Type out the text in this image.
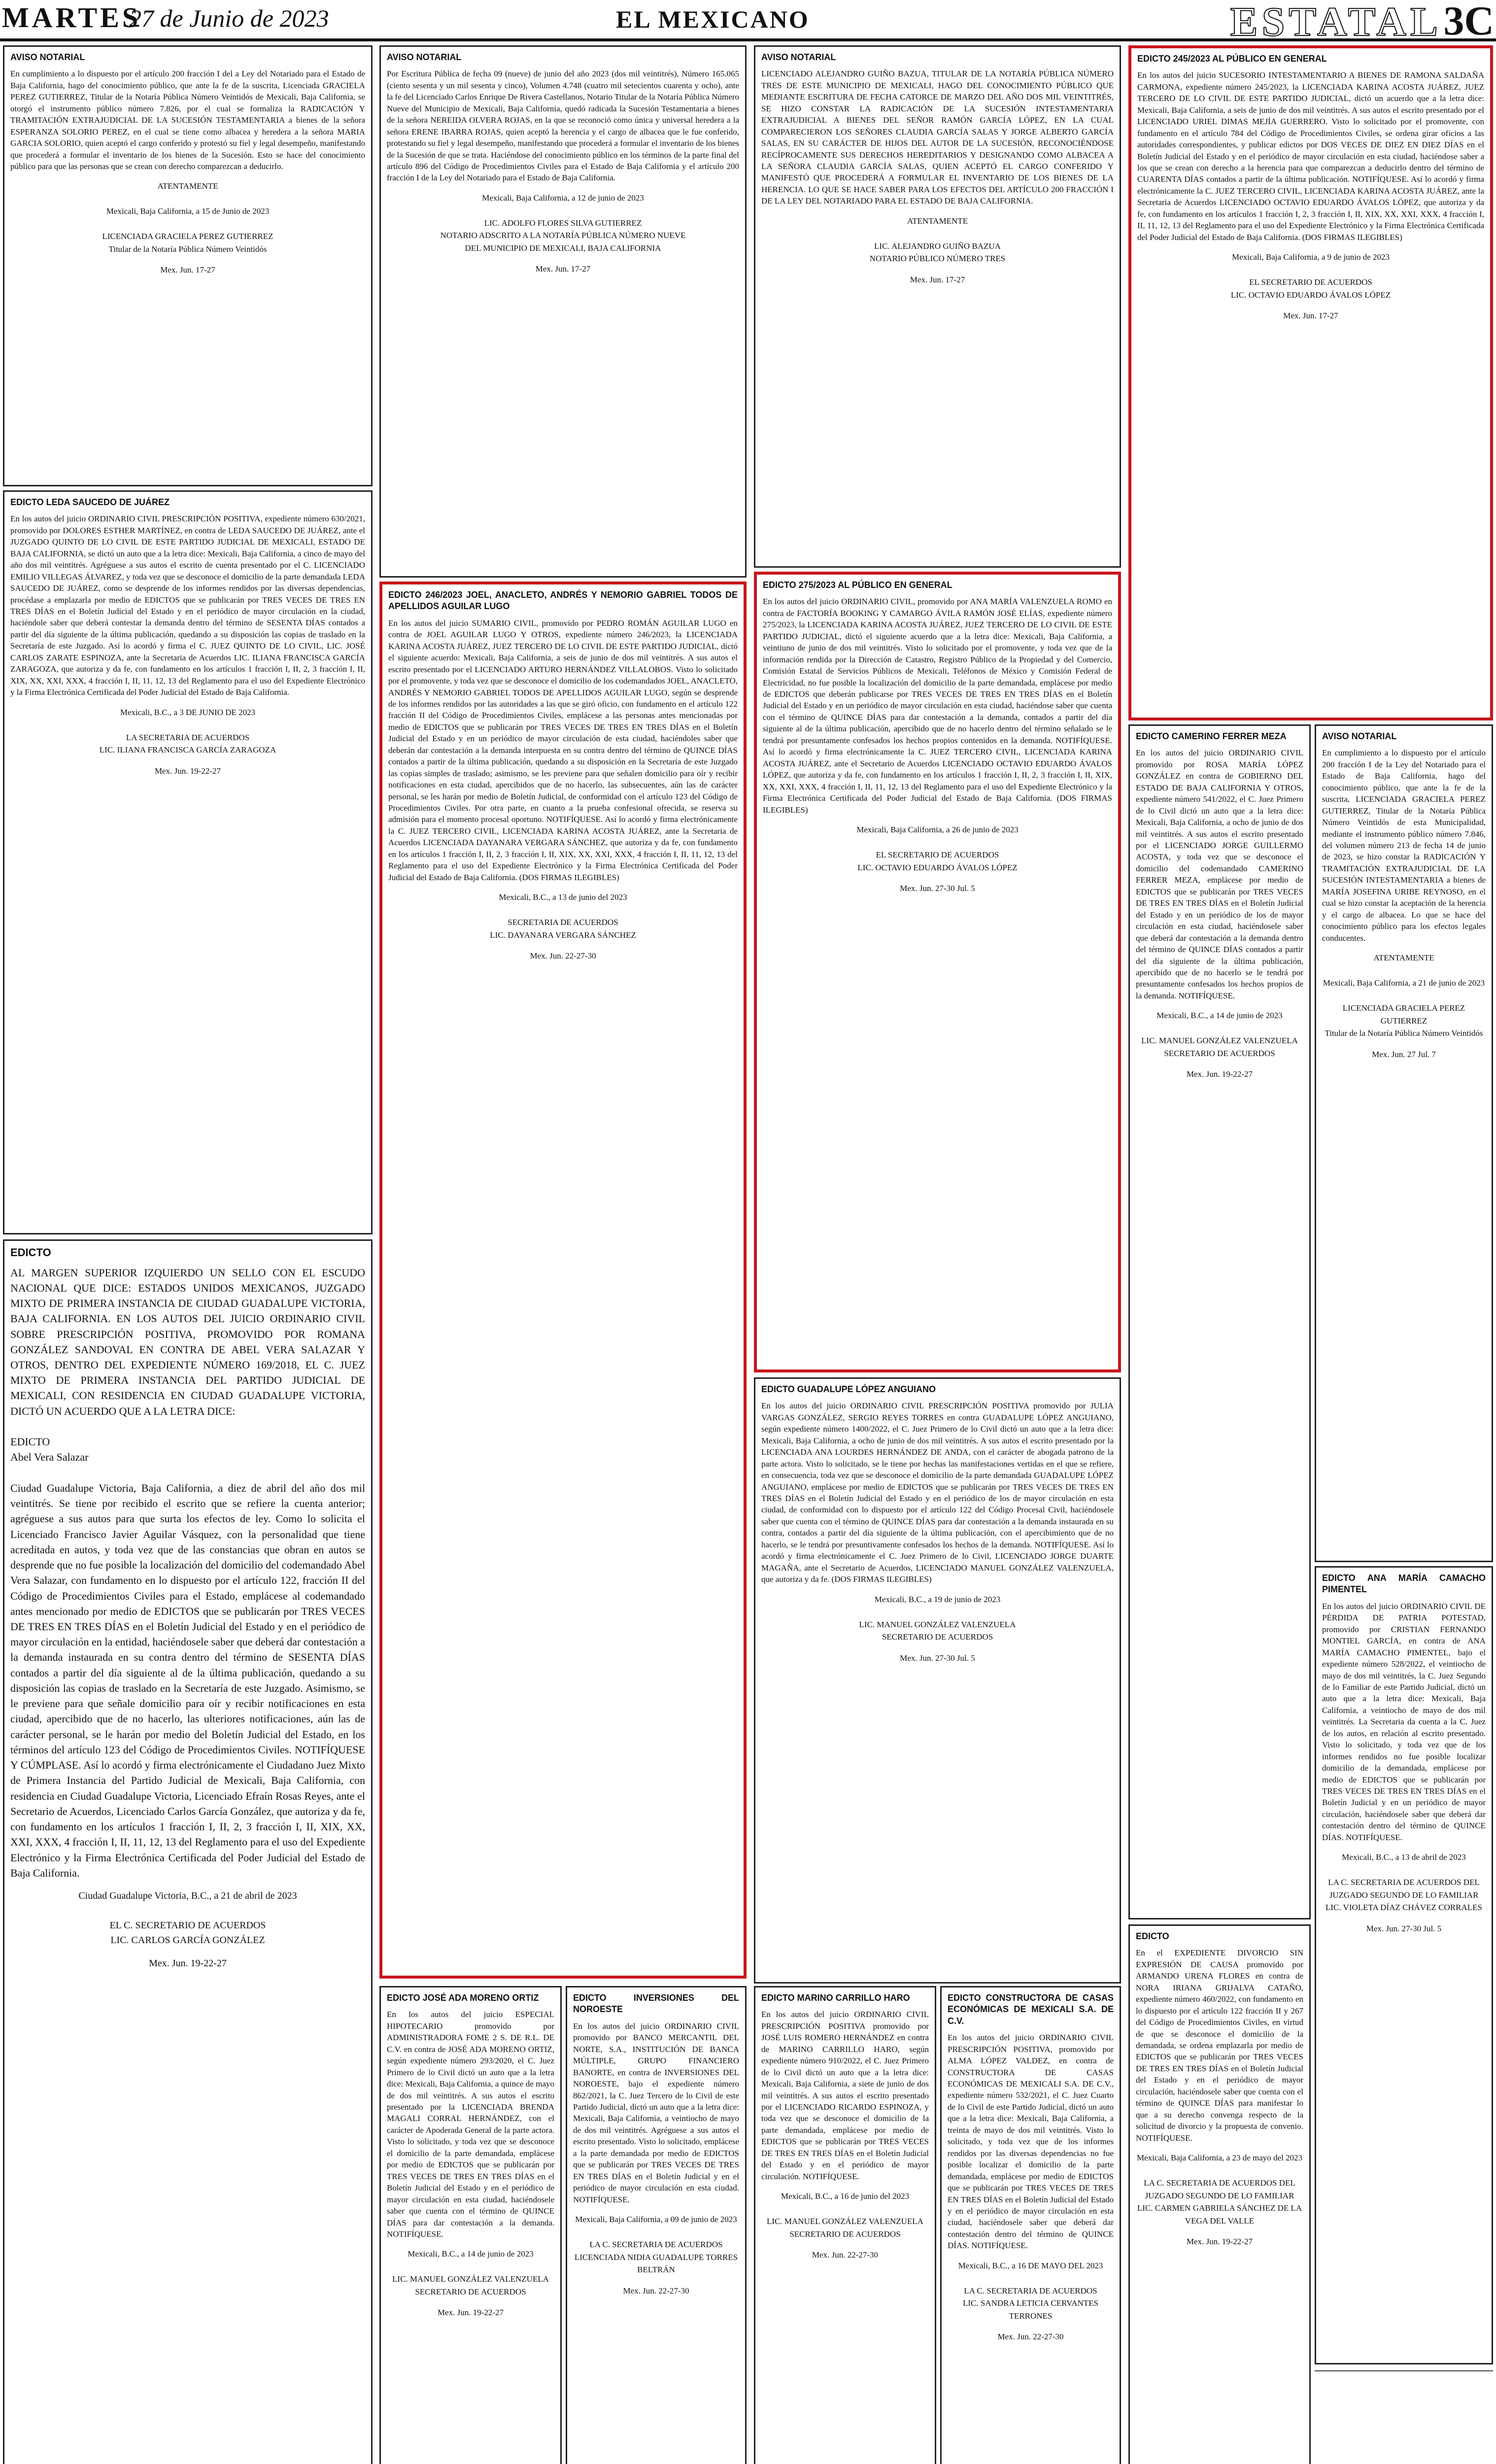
MARTES
27 de Junio de 2023	EL MEXICANO	ESTATAL 3C
AVISO NOTARIAL
En cumplimiento a lo dispuesto por el artículo 200 fracción I del a Ley del Notariado para el Estado de Baja California, hago del conocimiento público, que ante la fe de la suscrita, Licenciada GRACIELA PEREZ GUTIERREZ, Titular de la Notaría Pública Número Veintidós de Mexicali, Baja California, se otorgó el instrumento público número 7.826, por el cual se formaliza la RADICACIÓN Y TRAMITACIÓN EXTRAJUDICIAL DE LA SUCESIÓN TESTAMENTARIA a bienes de la señora ESPERANZA SOLORIO PEREZ, en el cual se tiene como albacea y heredera a la señora MARIA GARCIA SOLORIO, quien aceptó el cargo conferido y protestó su fiel y legal desempeño, manifestando que procederá a formular el inventario de los bienes de la Sucesión. Esto se hace del conocimiento público para que las personas que se crean con derecho comparezcan a deducirlo.
ATENTAMENTE

Mexicali, Baja California, a 15 de Junio de 2023

LICENCIADA GRACIELA PEREZ GUTIERREZ
Titular de la Notaría Pública Número Veintidós
Mex. Jun. 17-27
EDICTO LEDA SAUCEDO DE JUÁREZ
En los autos del juicio ORDINARIO CIVIL PRESCRIPCIÓN POSITIVA, expediente número 630/2021, promovido por DOLORES ESTHER MARTÍNEZ, en contra de LEDA SAUCEDO DE JUÁREZ, ante el JUZGADO QUINTO DE LO CIVIL DE ESTE PARTIDO JUDICIAL DE MEXICALI, ESTADO DE BAJA CALIFORNIA, se dictó un auto que a la letra dice: Mexicali, Baja California, a cinco de mayo del año dos mil veintitrés. Agréguese a sus autos el escrito de cuenta presentado por el C. LICENCIADO EMILIO VILLEGAS ÁLVAREZ, y toda vez que se desconoce el domicilio de la parte demandada LEDA SAUCEDO DE JUÁREZ, como se desprende de los informes rendidos por las diversas dependencias, procédase a emplazarla por medio de EDICTOS que se publicarán por TRES VECES DE TRES EN TRES DÍAS en el Boletín Judicial del Estado y en el periódico de mayor circulación en la ciudad, haciéndole saber que deberá contestar la demanda dentro del término de SESENTA DÍAS contados a partir del día siguiente de la última publicación, quedando a su disposición las copias de traslado en la Secretaría de este Juzgado. Así lo acordó y firma el C. JUEZ QUINTO DE LO CIVIL, LIC. JOSÉ CARLOS ZARATE ESPINOZA, ante la Secretaria de Acuerdos LIC. ILIANA FRANCISCA GARCÍA ZARAGOZA, que autoriza y da fe, con fundamento en los artículos 1 fracción I, II, 2, 3 fracción I, II, XIX, XX, XXI, XXX, 4 fracción I, II, 11, 12, 13 del Reglamento para el uso del Expediente Electrónico y la Firma Electrónica Certificada del Poder Judicial del Estado de Baja California.
Mexicali, B.C., a 3 DE JUNIO DE 2023

LA SECRETARIA DE ACUERDOS
LIC. ILIANA FRANCISCA GARCÍA ZARAGOZA
Mex. Jun. 19-22-27
EDICTO
AL MARGEN SUPERIOR IZQUIERDO UN SELLO CON EL ESCUDO NACIONAL QUE DICE: ESTADOS UNIDOS MEXICANOS, JUZGADO MIXTO DE PRIMERA INSTANCIA DE CIUDAD GUADALUPE VICTORIA, BAJA CALIFORNIA. EN LOS AUTOS DEL JUICIO ORDINARIO CIVIL SOBRE PRESCRIPCIÓN POSITIVA, PROMOVIDO POR ROMANA GONZÁLEZ SANDOVAL EN CONTRA DE ABEL VERA SALAZAR Y OTROS, DENTRO DEL EXPEDIENTE NÚMERO 169/2018, EL C. JUEZ MIXTO DE PRIMERA INSTANCIA DEL PARTIDO JUDICIAL DE MEXICALI, CON RESIDENCIA EN CIUDAD GUADALUPE VICTORIA, DICTÓ UN ACUERDO QUE A LA LETRA DICE:

EDICTO
Abel Vera Salazar

Ciudad Guadalupe Victoria, Baja California, a diez de abril del año dos mil veintitrés. Se tiene por recibido el escrito que se refiere la cuenta anterior; agréguese a sus autos para que surta los efectos de ley. Como lo solicita el Licenciado Francisco Javier Aguilar Vásquez, con la personalidad que tiene acreditada en autos, y toda vez que de las constancias que obran en autos se desprende que no fue posible la localización del domicilio del codemandado Abel Vera Salazar, con fundamento en lo dispuesto por el artículo 122, fracción II del Código de Procedimientos Civiles para el Estado, emplácese al codemandado antes mencionado por medio de EDICTOS que se publicarán por TRES VECES DE TRES EN TRES DÍAS en el Boletín Judicial del Estado y en el periódico de mayor circulación en la entidad, haciéndosele saber que deberá dar contestación a la demanda instaurada en su contra dentro del término de SESENTA DÍAS contados a partir del día siguiente al de la última publicación, quedando a su disposición las copias de traslado en la Secretaría de este Juzgado. Asimismo, se le previene para que señale domicilio para oír y recibir notificaciones en esta ciudad, apercibido que de no hacerlo, las ulteriores notificaciones, aún las de carácter personal, se le harán por medio del Boletín Judicial del Estado, en los términos del artículo 123 del Código de Procedimientos Civiles. NOTIFÍQUESE Y CÚMPLASE. Así lo acordó y firma electrónicamente el Ciudadano Juez Mixto de Primera Instancia del Partido Judicial de Mexicali, Baja California, con residencia en Ciudad Guadalupe Victoria, Licenciado Efraín Rosas Reyes, ante el Secretario de Acuerdos, Licenciado Carlos García González, que autoriza y da fe, con fundamento en los artículos 1 fracción I, II, 2, 3 fracción I, II, XIX, XX, XXI, XXX, 4 fracción I, II, 11, 12, 13 del Reglamento para el uso del Expediente Electrónico y la Firma Electrónica Certificada del Poder Judicial del Estado de Baja California.
Ciudad Guadalupe Victoria, B.C., a 21 de abril de 2023

EL C. SECRETARIO DE ACUERDOS
LIC. CARLOS GARCÍA GONZÁLEZ
Mex. Jun. 19-22-27
AVISO NOTARIAL
Por Escritura Pública de fecha 09 (nueve) de junio del año 2023 (dos mil veintitrés), Número 165.065 (ciento sesenta y un mil sesenta y cinco), Volumen 4.748 (cuatro mil setecientos cuarenta y ocho), ante la fe del Licenciado Carlos Enrique De Rivera Castellanos, Notario Titular de la Notaría Pública Número Nueve del Municipio de Mexicali, Baja California, quedó radicada la Sucesión Testamentaria a bienes de la señora NEREIDA OLVERA ROJAS, en la que se reconoció como única y universal heredera a la señora ERENE IBARRA ROJAS, quien aceptó la herencia y el cargo de albacea que le fue conferido, protestando su fiel y legal desempeño, manifestando que procederá a formular el inventario de los bienes de la Sucesión de que se trata. Haciéndose del conocimiento público en los términos de la parte final del artículo 896 del Código de Procedimientos Civiles para el Estado de Baja California y el artículo 200 fracción I de la Ley del Notariado para el Estado de Baja California.
Mexicali, Baja California, a 12 de junio de 2023

LIC. ADOLFO FLORES SILVA GUTIERREZ
NOTARIO ADSCRITO A LA NOTARÍA PÚBLICA NÚMERO NUEVE
DEL MUNICIPIO DE MEXICALI, BAJA CALIFORNIA
Mex. Jun. 17-27
EDICTO 246/2023 JOEL, ANACLETO, ANDRÉS Y NEMORIO GABRIEL TODOS DE APELLIDOS AGUILAR LUGO
En los autos del juicio SUMARIO CIVIL, promovido por PEDRO ROMÁN AGUILAR LUGO en contra de JOEL AGUILAR LUGO Y OTROS, expediente número 246/2023, la LICENCIADA KARINA ACOSTA JUÁREZ, JUEZ TERCERO DE LO CIVIL DE ESTE PARTIDO JUDICIAL, dictó el siguiente acuerdo: Mexicali, Baja California, a seis de junio de dos mil veintitrés. A sus autos el escrito presentado por el LICENCIADO ARTURO HERNÁNDEZ VILLALOBOS. Visto lo solicitado por el promovente, y toda vez que se desconoce el domicilio de los codemandados JOEL, ANACLETO, ANDRÉS Y NEMORIO GABRIEL TODOS DE APELLIDOS AGUILAR LUGO, según se desprende de los informes rendidos por las autoridades a las que se giró oficio, con fundamento en el artículo 122 fracción II del Código de Procedimientos Civiles, emplácese a las personas antes mencionadas por medio de EDICTOS que se publicarán por TRES VECES DE TRES EN TRES DÍAS en el Boletín Judicial del Estado y en un periódico de mayor circulación de esta ciudad, haciéndoles saber que deberán dar contestación a la demanda interpuesta en su contra dentro del término de QUINCE DÍAS contados a partir de la última publicación, quedando a su disposición en la Secretaría de este Juzgado las copias simples de traslado; asimismo, se les previene para que señalen domicilio para oír y recibir notificaciones en esta ciudad, apercibidos que de no hacerlo, las subsecuentes, aún las de carácter personal, se les harán por medio de Boletín Judicial, de conformidad con el artículo 123 del Código de Procedimientos Civiles. Por otra parte, en cuanto a la prueba confesional ofrecida, se reserva su admisión para el momento procesal oportuno. NOTIFÍQUESE. Así lo acordó y firma electrónicamente la C. JUEZ TERCERO CIVIL, LICENCIADA KARINA ACOSTA JUÁREZ, ante la Secretaria de Acuerdos LICENCIADA DAYANARA VERGARA SÁNCHEZ, que autoriza y da fe, con fundamento en los artículos 1 fracción I, II, 2, 3 fracción I, II, XIX, XX, XXI, XXX, 4 fracción I, II, 11, 12, 13 del Reglamento para el uso del Expediente Electrónico y la Firma Electrónica Certificada del Poder Judicial del Estado de Baja California. (DOS FIRMAS ILEGIBLES)
Mexicali, B.C., a 13 de junio del 2023

SECRETARIA DE ACUERDOS
LIC. DAYANARA VERGARA SÁNCHEZ
Mex. Jun. 22-27-30
EDICTO JOSÉ ADA MORENO ORTIZ
En los autos del juicio ESPECIAL HIPOTECARIO promovido por ADMINISTRADORA FOME 2 S. DE R.L. DE C.V. en contra de JOSÉ ADA MORENO ORTIZ, según expediente número 293/2020, el C. Juez Primero de lo Civil dictó un auto que a la letra dice: Mexicali, Baja California, a quince de mayo de dos mil veintitrés. A sus autos el escrito presentado por la LICENCIADA BRENDA MAGALI CORRAL HERNÁNDEZ, con el carácter de Apoderada General de la parte actora. Visto lo solicitado, y toda vez que se desconoce el domicilio de la parte demandada, emplácese por medio de EDICTOS que se publicarán por TRES VECES DE TRES EN TRES DÍAS en el Boletín Judicial del Estado y en el periódico de mayor circulación en esta ciudad, haciéndosele saber que cuenta con el término de QUINCE DÍAS para dar contestación a la demanda. NOTIFÍQUESE.
Mexicali, B.C., a 14 de junio de 2023

LIC. MANUEL GONZÁLEZ VALENZUELA
SECRETARIO DE ACUERDOS
Mex. Jun. 19-22-27
EDICTO INVERSIONES DEL NOROESTE
En los autos del juicio ORDINARIO CIVIL promovido por BANCO MERCANTIL DEL NORTE, S.A., INSTITUCIÓN DE BANCA MÚLTIPLE, GRUPO FINANCIERO BANORTE, en contra de INVERSIONES DEL NOROESTE, bajo el expediente número 862/2021, la C. Juez Tercero de lo Civil de este Partido Judicial, dictó un auto que a la letra dice: Mexicali, Baja California, a veintiocho de mayo de dos mil veintitrés. Agréguese a sus autos el escrito presentado. Visto lo solicitado, emplácese a la parte demandada por medio de EDICTOS que se publicarán por TRES VECES DE TRES EN TRES DÍAS en el Boletín Judicial y en el periódico de mayor circulación en esta ciudad. NOTIFÍQUESE.
Mexicali, Baja California, a 09 de junio de 2023

LA C. SECRETARIA DE ACUERDOS
LICENCIADA NIDIA GUADALUPE TORRES BELTRÁN
Mex. Jun. 22-27-30
AVISO NOTARIAL
LICENCIADO ALEJANDRO GUIÑO BAZUA, TITULAR DE LA NOTARÍA PÚBLICA NÚMERO TRES DE ESTE MUNICIPIO DE MEXICALI, HAGO DEL CONOCIMIENTO PÚBLICO QUE MEDIANTE ESCRITURA DE FECHA CATORCE DE MARZO DEL AÑO DOS MIL VEINTITRÉS, SE HIZO CONSTAR LA RADICACIÓN DE LA SUCESIÓN INTESTAMENTARIA EXTRAJUDICIAL A BIENES DEL SEÑOR RAMÓN GARCÍA LÓPEZ, EN LA CUAL COMPARECIERON LOS SEÑORES CLAUDIA GARCÍA SALAS Y JORGE ALBERTO GARCÍA SALAS, EN SU CARÁCTER DE HIJOS DEL AUTOR DE LA SUCESIÓN, RECONOCIÉNDOSE RECÍPROCAMENTE SUS DERECHOS HEREDITARIOS Y DESIGNANDO COMO ALBACEA A LA SEÑORA CLAUDIA GARCÍA SALAS, QUIEN ACEPTÓ EL CARGO CONFERIDO Y MANIFESTÓ QUE PROCEDERÁ A FORMULAR EL INVENTARIO DE LOS BIENES DE LA HERENCIA. LO QUE SE HACE SABER PARA LOS EFECTOS DEL ARTÍCULO 200 FRACCIÓN I DE LA LEY DEL NOTARIADO PARA EL ESTADO DE BAJA CALIFORNIA.
ATENTAMENTE

LIC. ALEJANDRO GUIÑO BAZUA
NOTARIO PÚBLICO NÚMERO TRES
Mex. Jun. 17-27
EDICTO 275/2023 AL PÚBLICO EN GENERAL
En los autos del juicio ORDINARIO CIVIL, promovido por ANA MARÍA VALENZUELA ROMO en contra de FACTORÍA BOOKING Y CAMARGO ÁVILA RAMÓN JOSÉ ELÍAS, expediente número 275/2023, la LICENCIADA KARINA ACOSTA JUÁREZ, JUEZ TERCERO DE LO CIVIL DE ESTE PARTIDO JUDICIAL, dictó el siguiente acuerdo que a la letra dice: Mexicali, Baja California, a veintiuno de junio de dos mil veintitrés. Visto lo solicitado por el promovente, y toda vez que de la información rendida por la Dirección de Catastro, Registro Público de la Propiedad y del Comercio, Comisión Estatal de Servicios Públicos de Mexicali, Teléfonos de México y Comisión Federal de Electricidad, no fue posible la localización del domicilio de la parte demandada, emplácese por medio de EDICTOS que deberán publicarse por TRES VECES DE TRES EN TRES DÍAS en el Boletín Judicial del Estado y en un periódico de mayor circulación en esta ciudad, haciéndose saber que cuenta con el término de QUINCE DÍAS para dar contestación a la demanda, contados a partir del día siguiente al de la última publicación, apercibido que de no hacerlo dentro del término señalado se le tendrá por presuntamente confesados los hechos propios contenidos en la demanda. NOTIFÍQUESE. Así lo acordó y firma electrónicamente la C. JUEZ TERCERO CIVIL, LICENCIADA KARINA ACOSTA JUÁREZ, ante el Secretario de Acuerdos LICENCIADO OCTAVIO EDUARDO ÁVALOS LÓPEZ, que autoriza y da fe, con fundamento en los artículos 1 fracción I, II, 2, 3 fracción I, II, XIX, XX, XXI, XXX, 4 fracción I, II, 11, 12, 13 del Reglamento para el uso del Expediente Electrónico y la Firma Electrónica Certificada del Poder Judicial del Estado de Baja California. (DOS FIRMAS ILEGIBLES)
Mexicali, Baja California, a 26 de junio de 2023

EL SECRETARIO DE ACUERDOS
LIC. OCTAVIO EDUARDO ÁVALOS LÓPEZ
Mex. Jun. 27-30 Jul. 5
EDICTO GUADALUPE LÓPEZ ANGUIANO
En los autos del juicio ORDINARIO CIVIL PRESCRIPCIÓN POSITIVA promovido por JULIA VARGAS GONZÁLEZ, SERGIO REYES TORRES en contra GUADALUPE LÓPEZ ANGUIANO, según expediente número 1400/2022, el C. Juez Primero de lo Civil dictó un auto que a la letra dice: Mexicali, Baja California, a ocho de junio de dos mil veintitrés. A sus autos el escrito presentado por la LICENCIADA ANA LOURDES HERNÁNDEZ DE ANDA, con el carácter de abogada patrono de la parte actora. Visto lo solicitado, se le tiene por hechas las manifestaciones vertidas en el que se refiere, en consecuencia, toda vez que se desconoce el domicilio de la parte demandada GUADALUPE LÓPEZ ANGUIANO, emplácese por medio de EDICTOS que se publicarán por TRES VECES DE TRES EN TRES DÍAS en el Boletín Judicial del Estado y en el periódico de los de mayor circulación en esta ciudad, de conformidad con lo dispuesto por el artículo 122 del Código Procesal Civil, haciéndosele saber que cuenta con el término de QUINCE DÍAS para dar contestación a la demanda instaurada en su contra, contados a partir del día siguiente de la última publicación, con el apercibimiento que de no hacerlo, se le tendrá por presuntivamente confesados los hechos de la demanda. NOTIFÍQUESE. Así lo acordó y firma electrónicamente el C. Juez Primero de lo Civil, LICENCIADO JORGE DUARTE MAGAÑA, ante el Secretario de Acuerdos, LICENCIADO MANUEL GONZÁLEZ VALENZUELA, que autoriza y da fe. (DOS FIRMAS ILEGIBLES)
Mexicali, B.C., a 19 de junio de 2023

LIC. MANUEL GONZÁLEZ VALENZUELA
SECRETARIO DE ACUERDOS
Mex. Jun. 27-30 Jul. 5
EDICTO MARINO CARRILLO HARO
En los autos del juicio ORDINARIO CIVIL PRESCRIPCIÓN POSITIVA promovido por JOSÉ LUIS ROMERO HERNÁNDEZ en contra de MARINO CARRILLO HARO, según expediente número 910/2022, el C. Juez Primero de lo Civil dictó un auto que a la letra dice: Mexicali, Baja California, a siete de junio de dos mil veintitrés. A sus autos el escrito presentado por el LICENCIADO RICARDO ESPINOZA, y toda vez que se desconoce el domicilio de la parte demandada, emplácese por medio de EDICTOS que se publicarán por TRES VECES DE TRES EN TRES DÍAS en el Boletín Judicial del Estado y en el periódico de mayor circulación. NOTIFÍQUESE.
Mexicali, B.C., a 16 de junio del 2023

LIC. MANUEL GONZÁLEZ VALENZUELA
SECRETARIO DE ACUERDOS
Mex. Jun. 22-27-30
EDICTO CONSTRUCTORA DE CASAS ECONÓMICAS DE MEXICALI S.A. DE C.V.
En los autos del juicio ORDINARIO CIVIL PRESCRIPCIÓN POSITIVA, promovido por ALMA LÓPEZ VALDEZ, en contra de CONSTRUCTORA DE CASAS ECONÓMICAS DE MEXICALI S.A. DE C.V., expediente número 532/2021, el C. Juez Cuarto de lo Civil de este Partido Judicial, dictó un auto que a la letra dice: Mexicali, Baja California, a treinta de mayo de dos mil veintitrés. Visto lo solicitado, y toda vez que de los informes rendidos por las diversas dependencias no fue posible localizar el domicilio de la parte demandada, emplácese por medio de EDICTOS que se publicarán por TRES VECES DE TRES EN TRES DÍAS en el Boletín Judicial del Estado y en el periódico de mayor circulación en esta ciudad, haciéndosele saber que deberá dar contestación dentro del término de QUINCE DÍAS. NOTIFÍQUESE.
Mexicali, B.C., a 16 DE MAYO DEL 2023

LA C. SECRETARIA DE ACUERDOS
LIC. SANDRA LETICIA CERVANTES TERRONES
Mex. Jun. 22-27-30
EDICTO 245/2023 AL PÚBLICO EN GENERAL
En los autos del juicio SUCESORIO INTESTAMENTARIO A BIENES DE RAMONA SALDAÑA CARMONA, expediente número 245/2023, la LICENCIADA KARINA ACOSTA JUÁREZ, JUEZ TERCERO DE LO CIVIL DE ESTE PARTIDO JUDICIAL, dictó un acuerdo que a la letra dice: Mexicali, Baja California, a seis de junio de dos mil veintitrés. A sus autos el escrito presentado por el LICENCIADO URIEL DIMAS MEJÍA GUERRERO. Visto lo solicitado por el promovente, con fundamento en el artículo 784 del Código de Procedimientos Civiles, se ordena girar oficios a las autoridades correspondientes, y publicar edictos por DOS VECES DE DIEZ EN DIEZ DÍAS en el Boletín Judicial del Estado y en el periódico de mayor circulación en esta ciudad, haciéndose saber a los que se crean con derecho a la herencia para que comparezcan a deducirlo dentro del término de CUARENTA DÍAS contados a partir de la última publicación. NOTIFÍQUESE. Así lo acordó y firma electrónicamente la C. JUEZ TERCERO CIVIL, LICENCIADA KARINA ACOSTA JUÁREZ, ante la Secretaria de Acuerdos LICENCIADO OCTAVIO EDUARDO ÁVALOS LÓPEZ, que autoriza y da fe, con fundamento en los artículos 1 fracción I, 2, 3 fracción I, II, XIX, XX, XXI, XXX, 4 fracción I, II, 11, 12, 13 del Reglamento para el uso del Expediente Electrónico y la Firma Electrónica Certificada del Poder Judicial del Estado de Baja California. (DOS FIRMAS ILEGIBLES)
Mexicali, Baja California, a 9 de junio de 2023

EL SECRETARIO DE ACUERDOS
LIC. OCTAVIO EDUARDO ÁVALOS LÓPEZ
Mex. Jun. 17-27
EDICTO CAMERINO FERRER MEZA
En los autos del juicio ORDINARIO CIVIL promovido por ROSA MARÍA LÓPEZ GONZÁLEZ en contra de GOBIERNO DEL ESTADO DE BAJA CALIFORNIA Y OTROS, expediente número 541/2022, el C. Juez Primero de lo Civil dictó un auto que a la letra dice: Mexicali, Baja California, a ocho de junio de dos mil veintitrés. A sus autos el escrito presentado por el LICENCIADO JORGE GUILLERMO ACOSTA, y toda vez que se desconoce el domicilio del codemandado CAMERINO FERRER MEZA, emplácese por medio de EDICTOS que se publicarán por TRES VECES DE TRES EN TRES DÍAS en el Boletín Judicial del Estado y en un periódico de los de mayor circulación en esta ciudad, haciéndosele saber que deberá dar contestación a la demanda dentro del término de QUINCE DÍAS contados a partir del día siguiente de la última publicación, apercibido que de no hacerlo se le tendrá por presuntamente confesados los hechos propios de la demanda. NOTIFÍQUESE.
Mexicali, B.C., a 14 de junio de 2023

LIC. MANUEL GONZÁLEZ VALENZUELA
SECRETARIO DE ACUERDOS
Mex. Jun. 19-22-27
AVISO NOTARIAL
En cumplimiento a lo dispuesto por el artículo 200 fracción I de la Ley del Notariado para el Estado de Baja California, hago del conocimiento público, que ante la fe de la suscrita, LICENCIADA GRACIELA PEREZ GUTIERREZ, Titular de la Notaría Pública Número Veintidós de esta Municipalidad, mediante el instrumento público número 7.846, del volumen número 213 de fecha 14 de junio de 2023, se hizo constar la RADICACIÓN Y TRAMITACIÓN EXTRAJUDICIAL DE LA SUCESIÓN INTESTAMENTARIA a bienes de MARÍA JOSEFINA URIBE REYNOSO, en el cual se hizo constar la aceptación de la herencia y el cargo de albacea. Lo que se hace del conocimiento público para los efectos legales conducentes.
ATENTAMENTE

Mexicali, Baja California, a 21 de junio de 2023

LICENCIADA GRACIELA PEREZ GUTIERREZ
Titular de la Notaría Pública Número Veintidós
Mex. Jun. 27 Jul. 7
EDICTO ANA MARÍA CAMACHO PIMENTEL
En los autos del juicio ORDINARIO CIVIL DE PÉRDIDA DE PATRIA POTESTAD, promovido por CRISTIAN FERNANDO MONTIEL GARCÍA, en contra de ANA MARÍA CAMACHO PIMENTEL, bajo el expediente número 528/2022, el veintiocho de mayo de dos mil veintitrés, la C. Juez Segundo de lo Familiar de este Partido Judicial, dictó un auto que a la letra dice: Mexicali, Baja California, a veintiocho de mayo de dos mil veintitrés. La Secretaria da cuenta a la C. Juez de los autos, en relación al escrito presentado. Visto lo solicitado, y toda vez que de los informes rendidos no fue posible localizar domicilio de la demandada, emplácese por medio de EDICTOS que se publicarán por TRES VECES DE TRES EN TRES DÍAS en el Boletín Judicial y en un periódico de mayor circulación, haciéndosele saber que deberá dar contestación dentro del término de QUINCE DÍAS. NOTIFÍQUESE.
Mexicali, B.C., a 13 de abril de 2023

LA C. SECRETARIA DE ACUERDOS DEL JUZGADO SEGUNDO DE LO FAMILIAR
LIC. VIOLETA DÍAZ CHÁVEZ CORRALES
Mex. Jun. 27-30 Jul. 5
EDICTO
En el EXPEDIENTE DIVORCIO SIN EXPRESIÓN DE CAUSA promovido por ARMANDO URENA FLORES en contra de NORA IRIANA GRIJALVA CATAÑO, expediente número 460/2022, con fundamento en lo dispuesto por el artículo 122 fracción II y 267 del Código de Procedimientos Civiles, en virtud de que se desconoce el domicilio de la demandada, se ordena emplazarla por medio de EDICTOS que se publicarán por TRES VECES DE TRES EN TRES DÍAS en el Boletín Judicial del Estado y en el periódico de mayor circulación, haciéndosele saber que cuenta con el término de QUINCE DÍAS para manifestar lo que a su derecho convenga respecto de la solicitud de divorcio y la propuesta de convenio. NOTIFÍQUESE.
Mexicali, Baja California, a 23 de mayo del 2023

LA C. SECRETARIA DE ACUERDOS DEL JUZGADO SEGUNDO DE LO FAMILIAR
LIC. CARMEN GABRIELA SÁNCHEZ DE LA VEGA DEL VALLE
Mex. Jun. 19-22-27
